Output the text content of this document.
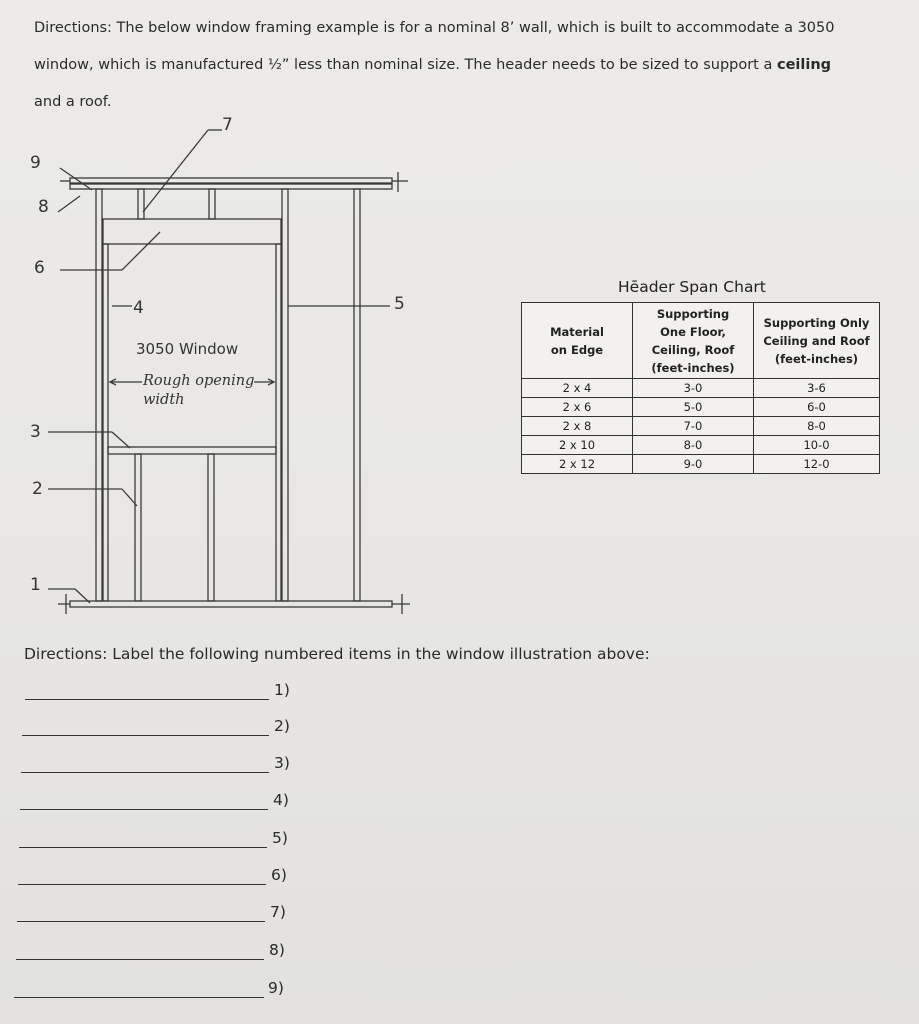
Directions: The below window framing example is for a nominal 8’ wall, which is built to accommodate a 3050
window, which is manufactured ½” less than nominal size. The header needs to be sized to support a ceiling
and a roof.
9
8
6
4
3
2
1
7
5
3050 Window
Rough opening
width
Hēader Span Chart
Material on Edge	Supporting One Floor, Ceiling, Roof (feet-inches)	Supporting Only Ceiling and Roof (feet-inches)

2 x 4	3-0	3-6
2 x 6	5-0	6-0
2 x 8	7-0	8-0
2 x 10	8-0	10-0
2 x 12	9-0	12-0
Directions: Label the following numbered items in the window illustration above:
1)
2)
3)
4)
5)
6)
7)
8)
9)
